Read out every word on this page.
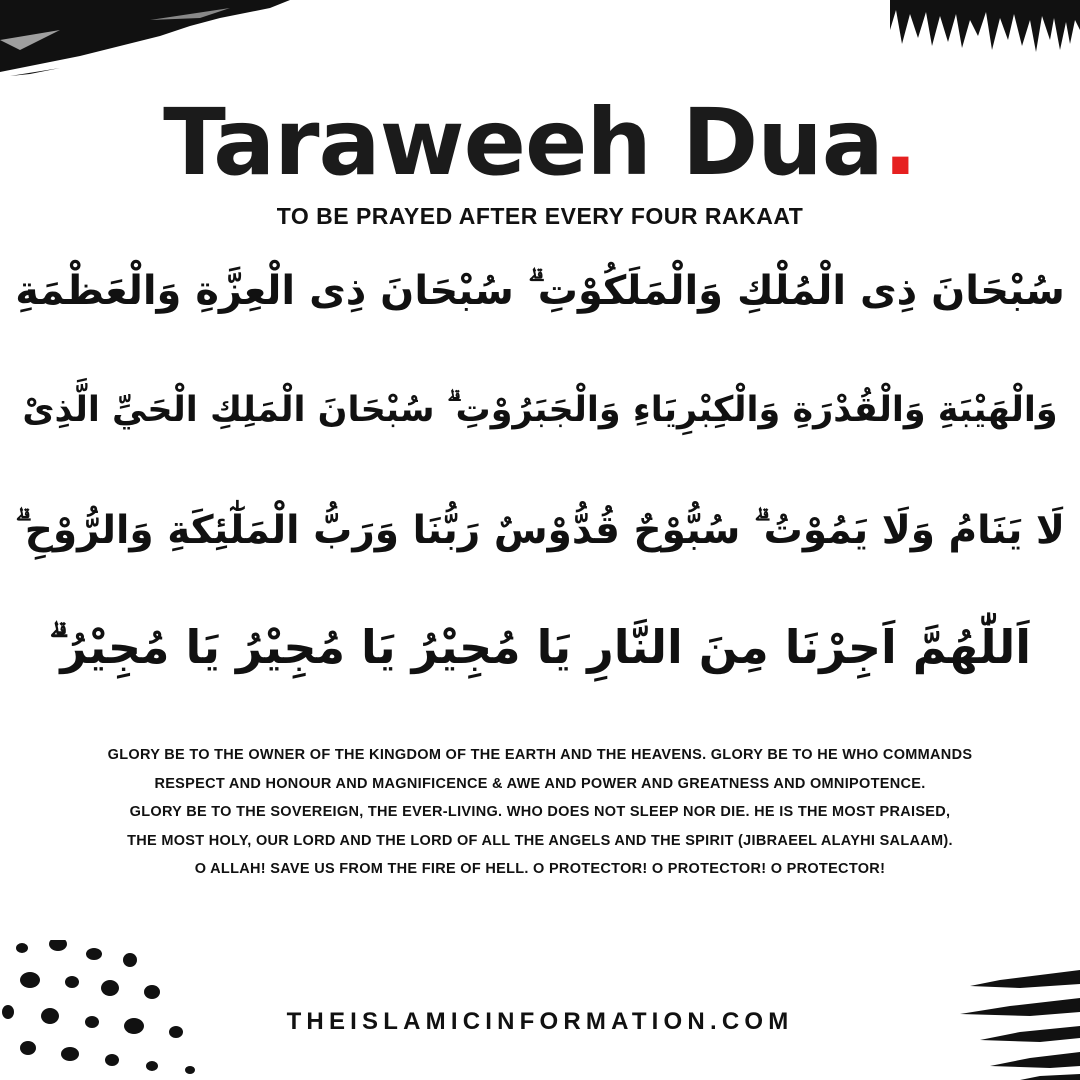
Taraweeh Dua.
TO BE PRAYED AFTER EVERY FOUR RAKAAT
سُبْحَانَ ذِی الْمُلْكِ وَالْمَلَكُوْتِ ۗ سُبْحَانَ ذِی الْعِزَّةِ وَالْعَظْمَةِ
وَالْهَيْبَةِ وَالْقُدْرَةِ وَالْكِبْرِيَاءِ وَالْجَبَرُوْتِ ۗ سُبْحَانَ الْمَلِكِ الْحَيِّ الَّذِیْ
لَا يَنَامُ وَلَا يَمُوْتُ ۗ سُبُّوْحٌ قُدُّوْسٌ رَبُّنَا وَرَبُّ الْمَلٰٓئِكَةِ وَالرُّوْحِ ۗ
اَللّٰهُمَّ اَجِرْنَا مِنَ النَّارِ يَا مُجِيْرُ يَا مُجِيْرُ يَا مُجِيْرُ ۗ
GLORY BE TO THE OWNER OF THE KINGDOM OF THE EARTH AND THE HEAVENS. GLORY BE TO HE WHO COMMANDS
RESPECT AND HONOUR AND MAGNIFICENCE & AWE AND POWER AND GREATNESS AND OMNIPOTENCE.
GLORY BE TO THE SOVEREIGN, THE EVER-LIVING. WHO DOES NOT SLEEP NOR DIE. HE IS THE MOST PRAISED,
THE MOST HOLY, OUR LORD AND THE LORD OF ALL THE ANGELS AND THE SPIRIT (JIBRAEEL ALAYHI SALAAM).
O ALLAH! SAVE US FROM THE FIRE OF HELL. O PROTECTOR! O PROTECTOR! O PROTECTOR!
THEISLAMICINFORMATION.COM
